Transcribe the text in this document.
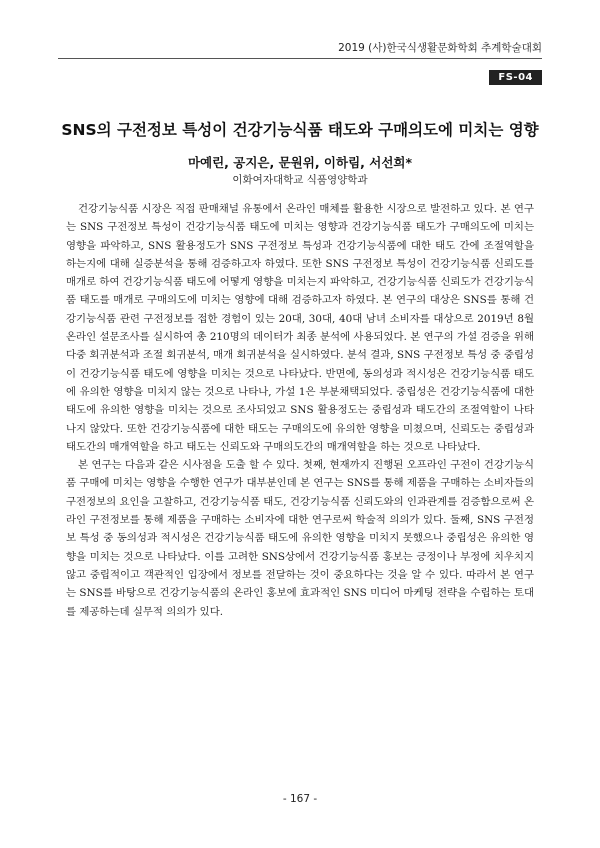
2019 (사)한국식생활문화학회 추계학술대회
FS-04
SNS의 구전정보 특성이 건강기능식품 태도와 구매의도에 미치는 영향
마예린, 공지은, 문원위, 이하림, 서선희*
이화여자대학교 식품영양학과

건강기능식품 시장은 직접 판매채널 유통에서 온라인 매체를 활용한 시장으로 발전하고 있다. 본 연구는 SNS 구전정보 특성이 건강기능식품 태도에 미치는 영향과 건강기능식품 태도가 구매의도에 미치는 영향을 파악하고, SNS 활용정도가 SNS 구전정보 특성과 건강기능식품에 대한 태도 간에 조절역할을 하는지에 대해 실증분석을 통해 검증하고자 하였다. 또한 SNS 구전정보 특성이 건강기능식품 신뢰도를 매개로 하여 건강기능식품 태도에 어떻게 영향을 미치는지 파악하고, 건강기능식품 신뢰도가 건강기능식품 태도를 매개로 구매의도에 미치는 영향에 대해 검증하고자 하였다. 본 연구의 대상은 SNS를 통해 건강기능식품 관련 구전정보를 접한 경험이 있는 20대, 30대, 40대 남녀 소비자를 대상으로 2019년 8월 온라인 설문조사를 실시하여 총 210명의 데이터가 최종 분석에 사용되었다. 본 연구의 가설 검증을 위해 다중 회귀분석과 조절 회귀분석, 매개 회귀분석을 실시하였다. 분석 결과, SNS 구전정보 특성 중 중립성이 건강기능식품 태도에 영향을 미치는 것으로 나타났다. 반면에, 동의성과 적시성은 건강기능식품 태도에 유의한 영향을 미치지 않는 것으로 나타나, 가설 1은 부분채택되었다. 중립성은 건강기능식품에 대한 태도에 유의한 영향을 미치는 것으로 조사되었고 SNS 활용정도는 중립성과 태도간의 조절역할이 나타나지 않았다. 또한 건강기능식품에 대한 태도는 구매의도에 유의한 영향을 미쳤으며, 신뢰도는 중립성과 태도간의 매개역할을 하고 태도는 신뢰도와 구매의도간의 매개역할을 하는 것으로 나타났다.

본 연구는 다음과 같은 시사점을 도출 할 수 있다. 첫째, 현재까지 진행된 오프라인 구전이 건강기능식품 구매에 미치는 영향을 수행한 연구가 대부분인데 본 연구는 SNS를 통해 제품을 구매하는 소비자들의 구전정보의 요인을 고찰하고, 건강기능식품 태도, 건강기능식품 신뢰도와의 인과관계를 검증함으로써 온라인 구전정보를 통해 제품을 구매하는 소비자에 대한 연구로써 학술적 의의가 있다. 둘째, SNS 구전정보 특성 중 동의성과 적시성은 건강기능식품 태도에 유의한 영향을 미치지 못했으나 중립성은 유의한 영향을 미치는 것으로 나타났다. 이를 고려한 SNS상에서 건강기능식품 홍보는 긍정이나 부정에 치우치지 않고 중립적이고 객관적인 입장에서 정보를 전달하는 것이 중요하다는 것을 알 수 있다. 따라서 본 연구는 SNS를 바탕으로 건강기능식품의 온라인 홍보에 효과적인 SNS 미디어 마케팅 전략을 수립하는 토대를 제공하는데 실무적 의의가 있다.

- 167 -
